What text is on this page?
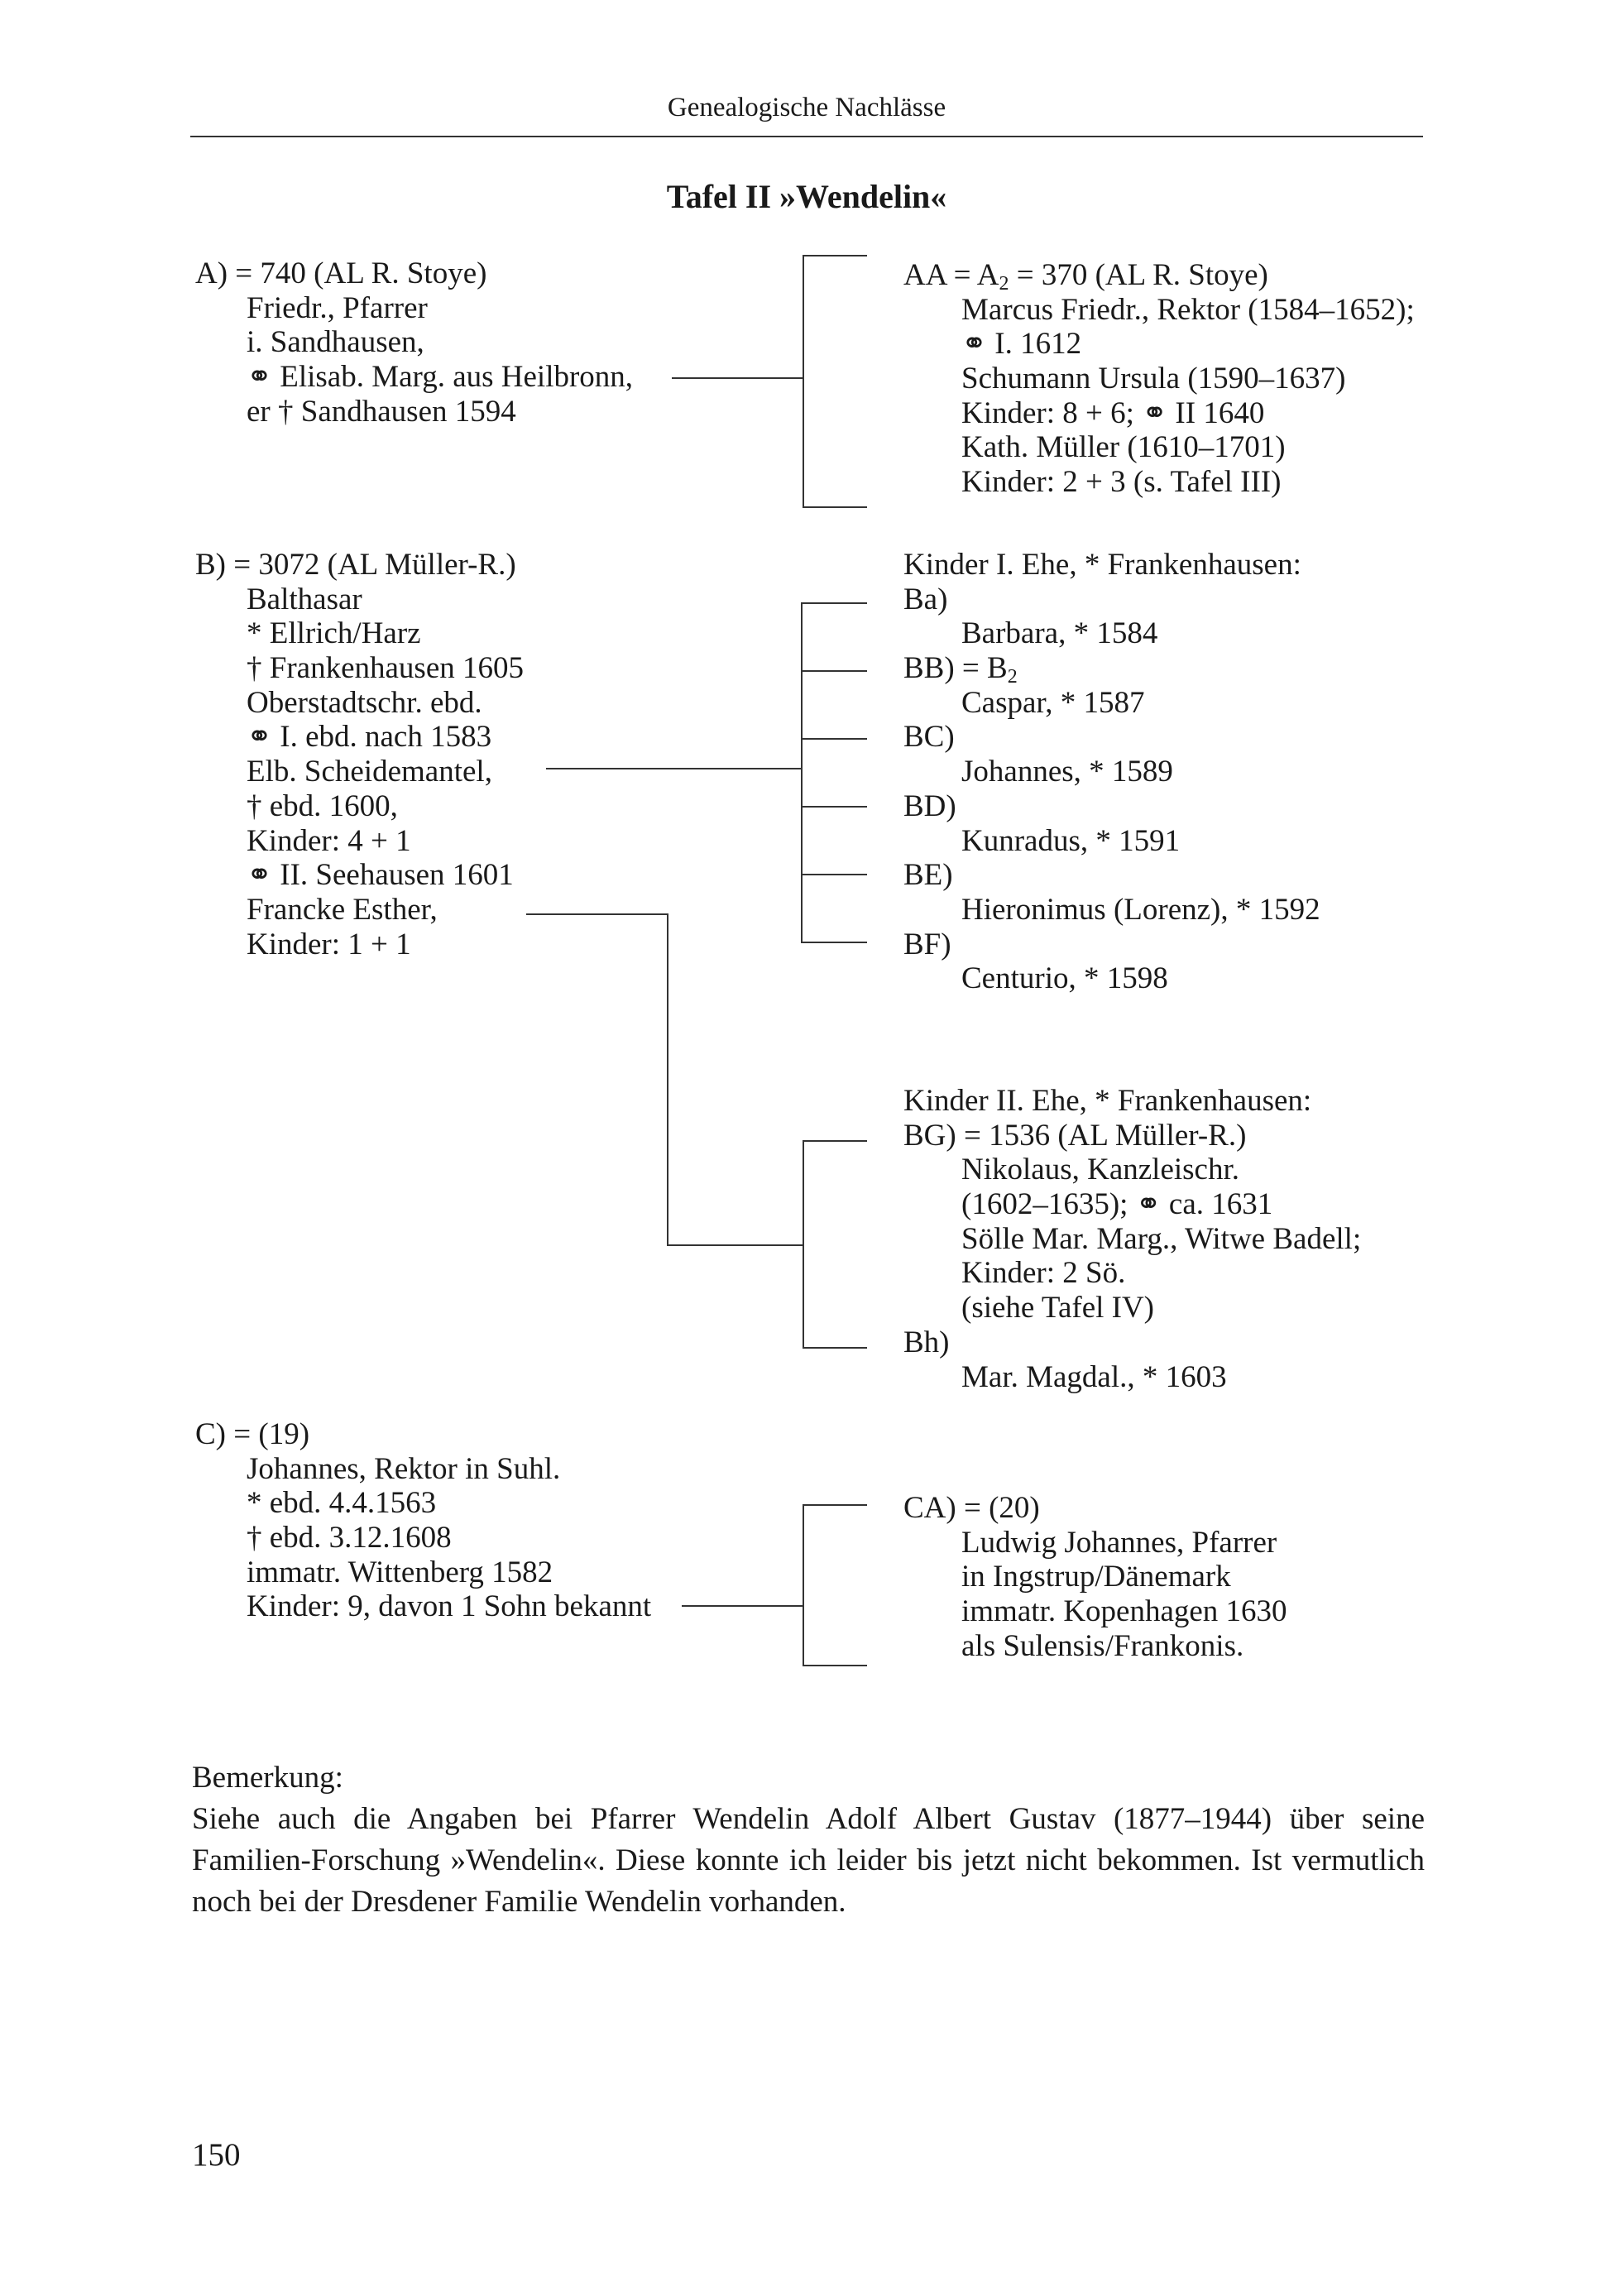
Genealogische Nachlässe
Tafel II »Wendelin«
A) = 740 (AL R. Stoye)
Friedr., Pfarrer
i. Sandhausen,
⚭ Elisab. Marg. aus Heilbronn,
er † Sandhausen 1594
AA = $A_2 = 370$ (AL R. Stoye)
Marcus Friedr., Rektor (1584–1652);
⚭ I. 1612
Schumann Ursula (1590–1637)
Kinder: 8 + 6; ⚭ II 1640
Kath. Müller (1610–1701)
Kinder: 2 + 3 (s. Tafel III)
B) = 3072 (AL Müller-R.)
Balthasar
* Ellrich/Harz
† Frankenhausen 1605
Oberstadtschr. ebd.
⚭ I. ebd. nach 1583
Elb. Scheidemantel,
† ebd. 1600,
Kinder: 4 + 1
⚭ II. Seehausen 1601
Francke Esther,
Kinder: 1 + 1
Kinder I. Ehe, * Frankenhausen:
Ba)
Barbara, * 1584
$BB) = B_2$
Caspar, * 1587
BC)
Johannes, * 1589
BD)
Kunradus, * 1591
BE)
Hieronimus (Lorenz), * 1592
BF)
Centurio, * 1598
Kinder II. Ehe, * Frankenhausen:
BG) = 1536 (AL Müller-R.)
Nikolaus, Kanzleischr.
(1602–1635); ⚭ ca. 1631
Sölle Mar. Marg., Witwe Badell;
Kinder: 2 Sö.
(siehe Tafel IV)
Bh)
Mar. Magdal., * 1603
C) = (19)
Johannes, Rektor in Suhl.
* ebd. 4.4.1563
† ebd. 3.12.1608
immatr. Wittenberg 1582
Kinder: 9, davon 1 Sohn bekannt
CA) = (20)
Ludwig Johannes, Pfarrer
in Ingstrup/Dänemark
immatr. Kopenhagen 1630
als Sulensis/Frankonis.

Bemerkung:

Siehe auch die Angaben bei Pfarrer Wendelin Adolf Albert Gustav (1877–1944) über seine Familien-Forschung »Wendelin«. Diese konnte ich leider bis jetzt nicht bekommen. Ist vermutlich noch bei der Dresdener Familie Wendelin vorhanden.

150
